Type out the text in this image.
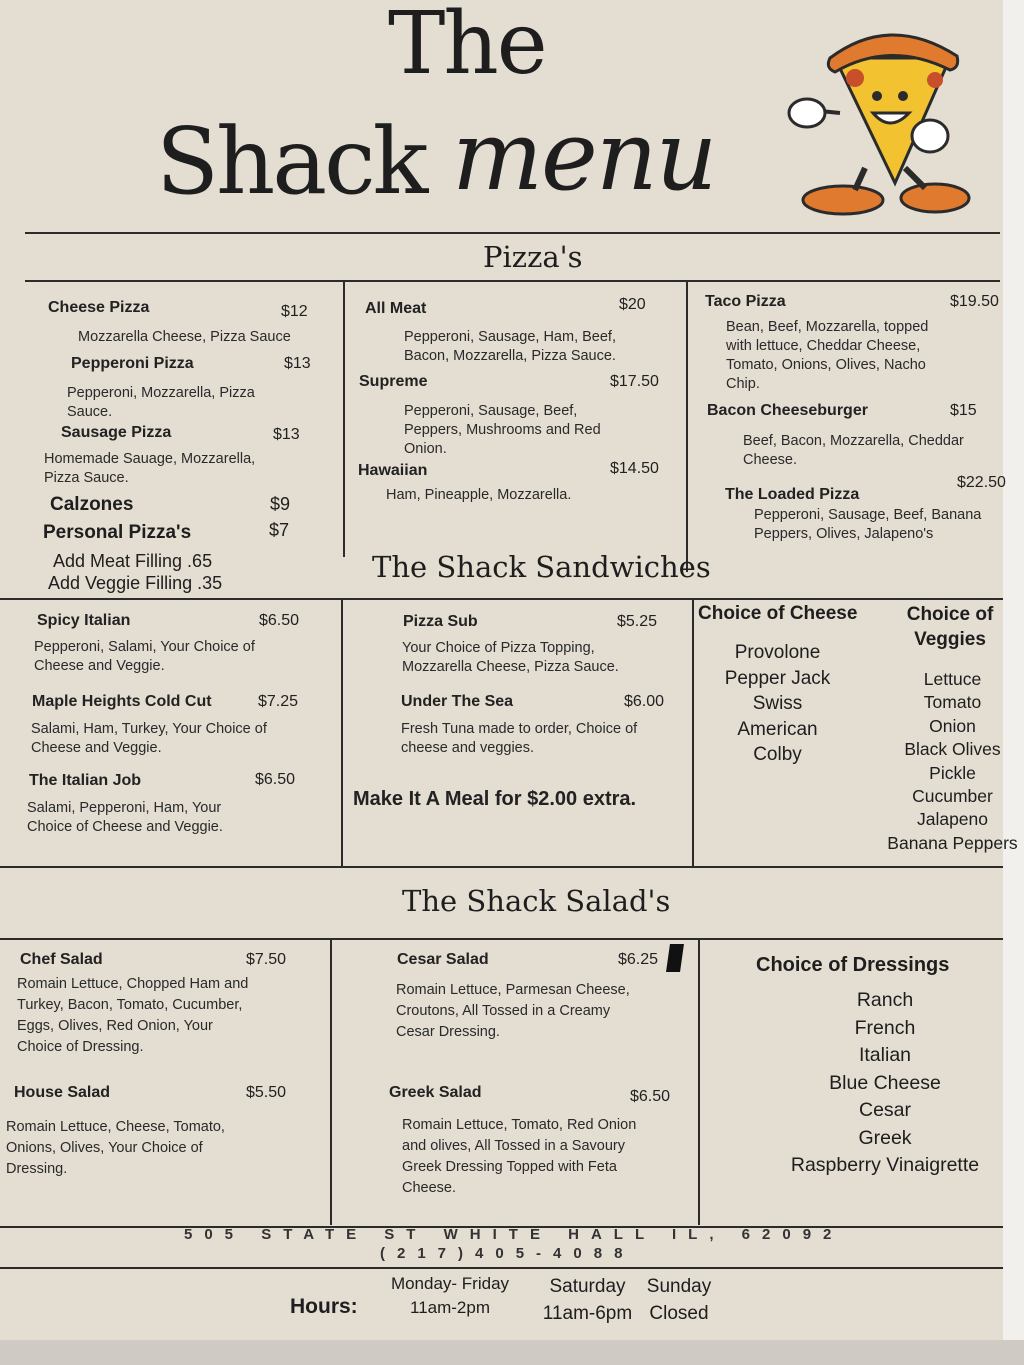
The
Shack menu
Pizza's
Cheese Pizza	$12
Mozzarella Cheese, Pizza Sauce
Pepperoni Pizza	$13
Pepperoni, Mozzarella, Pizza Sauce.
Sausage Pizza	$13
Homemade Sauage, Mozzarella, Pizza Sauce.
Calzones	$9
Personal Pizza's	$7
Add Meat Filling .65
Add Veggie Filling .35
All Meat	$20
Pepperoni, Sausage, Ham, Beef, Bacon, Mozzarella, Pizza Sauce.
Supreme	$17.50
Pepperoni, Sausage, Beef, Peppers, Mushrooms and Red Onion.
Hawaiian	$14.50
Ham, Pineapple, Mozzarella.
Taco Pizza	$19.50
Bean, Beef, Mozzarella, topped with lettuce, Cheddar Cheese, Tomato, Onions, Olives, Nacho Chip.
Bacon Cheeseburger	$15
Beef, Bacon, Mozzarella, Cheddar Cheese.
The Loaded Pizza
$22.50
Pepperoni, Sausage, Beef, Banana Peppers, Olives, Jalapeno's
The Shack Sandwiches
Spicy Italian	$6.50
Pepperoni, Salami, Your Choice of Cheese and Veggie.
Maple Heights Cold Cut	$7.25
Salami, Ham, Turkey, Your Choice of Cheese and Veggie.
The Italian Job	$6.50
Salami, Pepperoni, Ham, Your Choice of Cheese and Veggie.
Pizza Sub	$5.25
Your Choice of Pizza Topping, Mozzarella Cheese, Pizza Sauce.
Under The Sea	$6.00
Fresh Tuna made to order, Choice of cheese and veggies.
Make It A Meal for $2.00 extra.
Choice of Cheese
Provolone
Pepper Jack
Swiss
American
Colby
Choice of
Veggies
Lettuce
Tomato
Onion
Black Olives
Pickle
Cucumber
Jalapeno
Banana Peppers
The Shack Salad's
Chef Salad	$7.50
Romain Lettuce, Chopped Ham and Turkey, Bacon, Tomato, Cucumber, Eggs, Olives, Red Onion, Your Choice of Dressing.
House Salad	$5.50
Romain Lettuce, Cheese, Tomato, Onions, Olives, Your Choice of Dressing.
Cesar Salad	$6.25
Romain Lettuce, Parmesan Cheese, Croutons, All Tossed in a Creamy Cesar Dressing.
Greek Salad	$6.50
Romain Lettuce, Tomato, Red Onion and olives, All Tossed in a Savoury Greek Dressing Topped with Feta Cheese.
Choice of Dressings
Ranch
French
Italian
Blue Cheese
Cesar
Greek
Raspberry Vinaigrette
505 STATE ST WHITE HALL IL, 62092
(217)405-4088
Hours:
Monday- Friday
11am-2pm
Saturday
11am-6pm
Sunday
Closed
